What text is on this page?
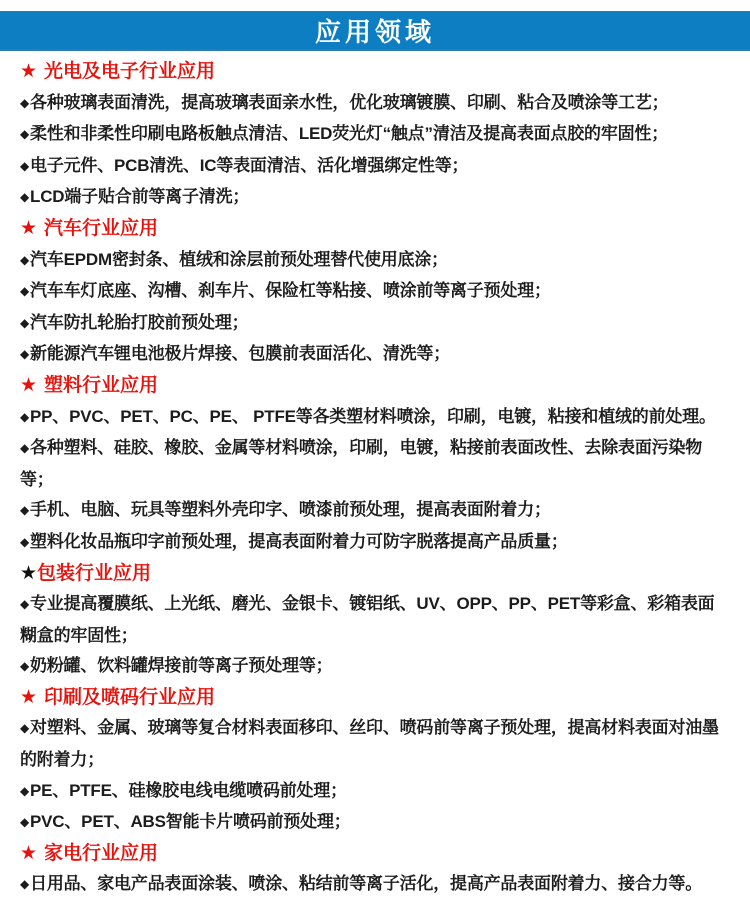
应用领域

★ 光电及电子行业应用

◆各种玻璃表面清洗，提高玻璃表面亲水性，优化玻璃镀膜、印刷、粘合及喷涂等工艺；

◆柔性和非柔性印刷电路板触点清洁、LED荧光灯“触点”清洁及提高表面点胶的牢固性；

◆电子元件、PCB清洗、IC等表面清洁、活化增强绑定性等；

◆LCD端子贴合前等离子清洗；

★ 汽车行业应用

◆汽车EPDM密封条、植绒和涂层前预处理替代使用底涂；

◆汽车车灯底座、沟槽、刹车片、保险杠等粘接、喷涂前等离子预处理；

◆汽车防扎轮胎打胶前预处理；

◆新能源汽车锂电池极片焊接、包膜前表面活化、清洗等；

★ 塑料行业应用

◆PP、PVC、PET、PC、PE、 PTFE等各类塑材料喷涂，印刷，电镀，粘接和植绒的前处理。

◆各种塑料、硅胶、橡胶、金属等材料喷涂，印刷，电镀，粘接前表面改性、去除表面污染物等；

◆手机、电脑、玩具等塑料外壳印字、喷漆前预处理，提高表面附着力；

◆塑料化妆品瓶印字前预处理，提高表面附着力可防字脱落提高产品质量；

★包装行业应用

◆专业提高覆膜纸、上光纸、磨光、金银卡、镀铝纸、UV、OPP、PP、PET等彩盒、彩箱表面糊盒的牢固性；

◆奶粉罐、饮料罐焊接前等离子预处理等；

★ 印刷及喷码行业应用

◆对塑料、金属、玻璃等复合材料表面移印、丝印、喷码前等离子预处理，提高材料表面对油墨的附着力；

◆PE、PTFE、硅橡胶电线电缆喷码前处理；

◆PVC、PET、ABS智能卡片喷码前预处理；

★ 家电行业应用

◆日用品、家电产品表面涂装、喷涂、粘结前等离子活化，提高产品表面附着力、接合力等。
